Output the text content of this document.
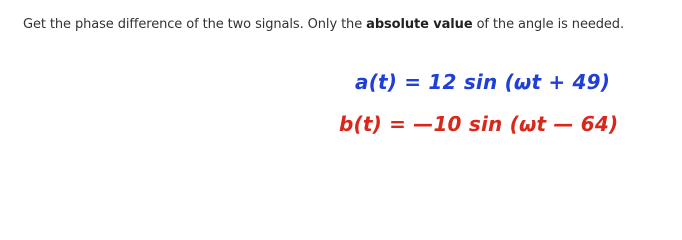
Get the phase difference of the two signals. Only the absolute value of the angle is needed.
a(t) = 12 sin (ωt + 49)
b(t) = —10 sin (ωt — 64)
